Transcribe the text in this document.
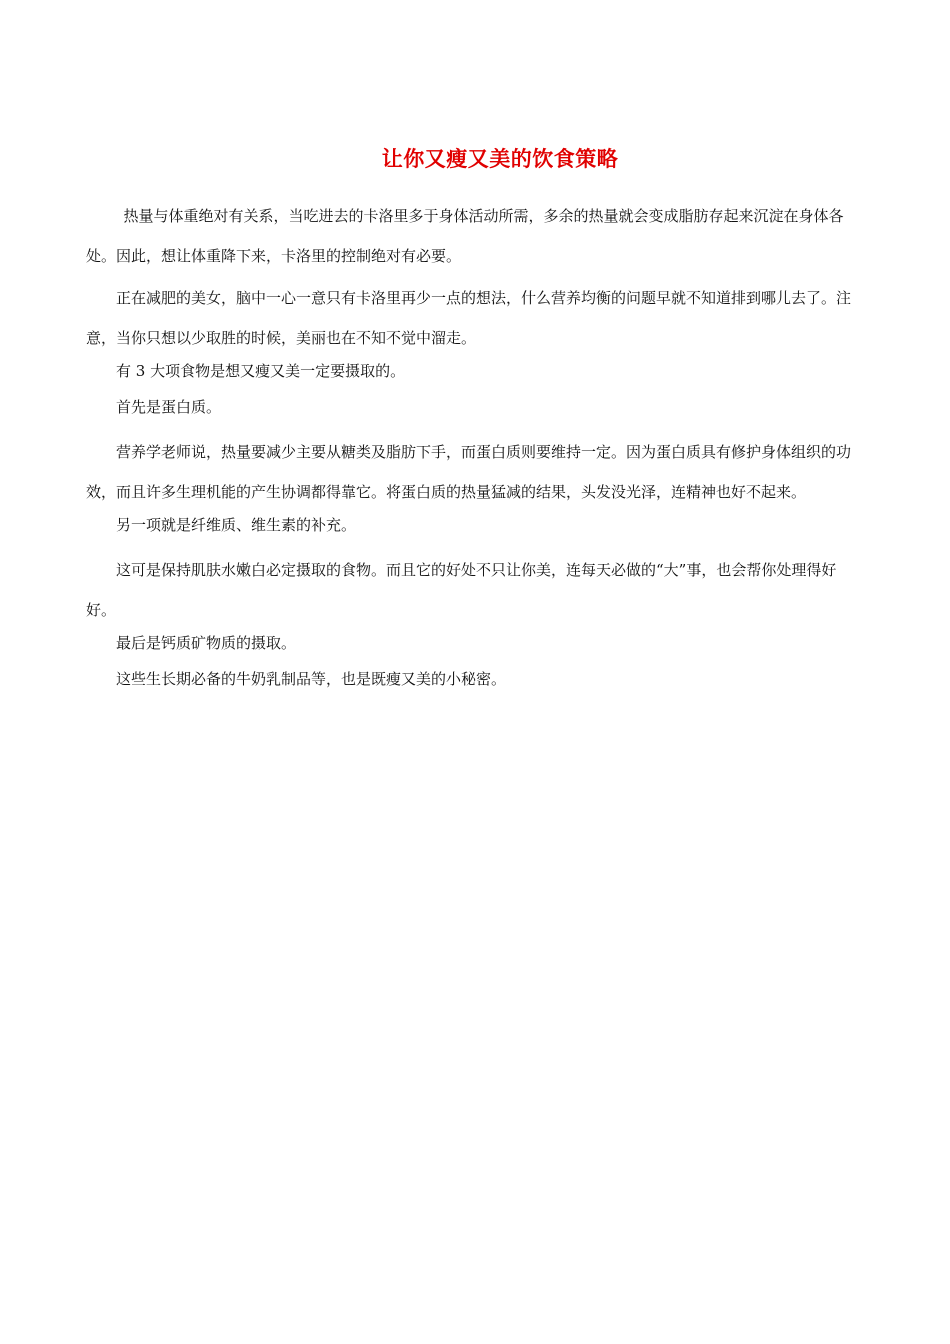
让你又瘦又美的饮食策略

热量与体重绝对有关系，当吃进去的卡洛里多于身体活动所需，多余的热量就会变成脂肪存起来沉淀在身体各处。因此，想让体重降下来，卡洛里的控制绝对有必要。

正在减肥的美女，脑中一心一意只有卡洛里再少一点的想法，什么营养均衡的问题早就不知道排到哪儿去了。注意，当你只想以少取胜的时候，美丽也在不知不觉中溜走。

有 3 大项食物是想又瘦又美一定要摄取的。

首先是蛋白质。

营养学老师说，热量要减少主要从糖类及脂肪下手，而蛋白质则要维持一定。因为蛋白质具有修护身体组织的功效，而且许多生理机能的产生协调都得靠它。将蛋白质的热量猛减的结果，头发没光泽，连精神也好不起来。

另一项就是纤维质、维生素的补充。

这可是保持肌肤水嫩白必定摄取的食物。而且它的好处不只让你美，连每天必做的“大”事，也会帮你处理得好好。

最后是钙质矿物质的摄取。

这些生长期必备的牛奶乳制品等，也是既瘦又美的小秘密。
